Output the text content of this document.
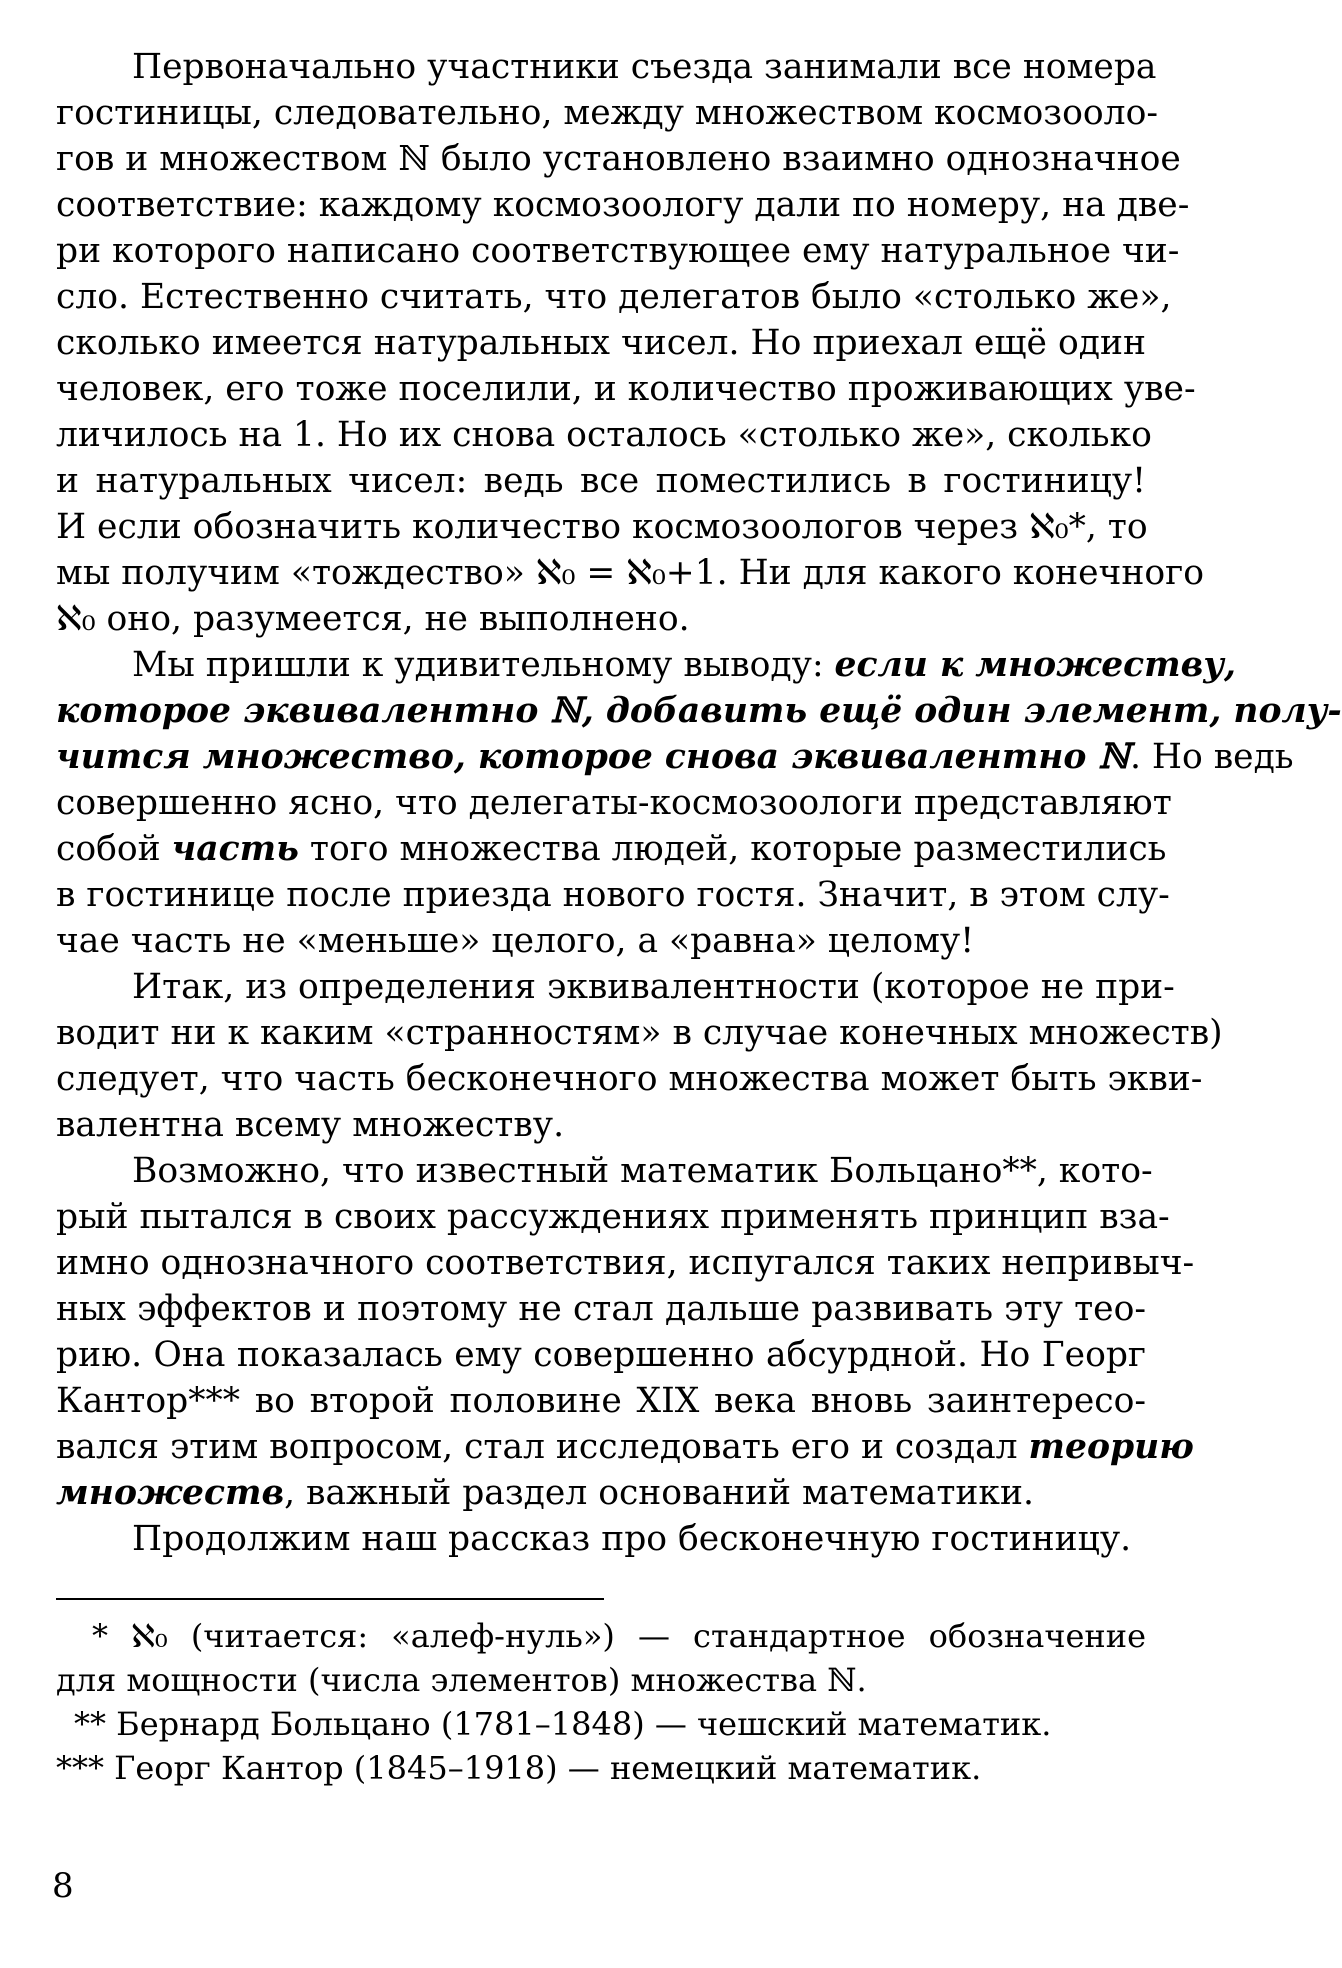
Первоначально участники съезда занимали все номера
гостиницы, следовательно, между множеством космозооло-
гов и множеством ℕ было установлено взаимно однозначное
соответствие: каждому космозоологу дали по номеру, на две-
ри которого написано соответствующее ему натуральное чи-
сло. Естественно считать, что делегатов было «столько же»,
сколько имеется натуральных чисел. Но приехал ещё один
человек, его тоже поселили, и количество проживающих уве-
личилось на 1. Но их снова осталось «столько же», сколько
и натуральных чисел: ведь все поместились в гостиницу!
И если обозначить количество космозоологов через ℵ₀*, то
мы получим «тождество» ℵ₀ = ℵ₀+1. Ни для какого конечного
ℵ₀ оно, разумеется, не выполнено.
Мы пришли к удивительному выводу: если к множеству,
которое эквивалентно ℕ, добавить ещё один элемент, полу-
чится множество, которое снова эквивалентно ℕ. Но ведь
совершенно ясно, что делегаты-космозоологи представляют
собой часть того множества людей, которые разместились
в гостинице после приезда нового гостя. Значит, в этом слу-
чае часть не «меньше» целого, а «равна» целому!
Итак, из определения эквивалентности (которое не при-
водит ни к каким «странностям» в случае конечных множеств)
следует, что часть бесконечного множества может быть экви-
валентна всему множеству.
Возможно, что известный математик Больцано**, кото-
рый пытался в своих рассуждениях применять принцип вза-
имно однозначного соответствия, испугался таких непривыч-
ных эффектов и поэтому не стал дальше развивать эту тео-
рию. Она показалась ему совершенно абсурдной. Но Георг
Кантор*** во второй половине XIX века вновь заинтересо-
вался этим вопросом, стал исследовать его и создал теорию
множеств, важный раздел оснований математики.
Продолжим наш рассказ про бесконечную гостиницу.
* ℵ₀ (читается: «алеф-нуль») — стандартное обозначение
для мощности (числа элементов) множества ℕ.
** Бернард Больцано (1781–1848) — чешский математик.
*** Георг Кантор (1845–1918) — немецкий математик.
8
